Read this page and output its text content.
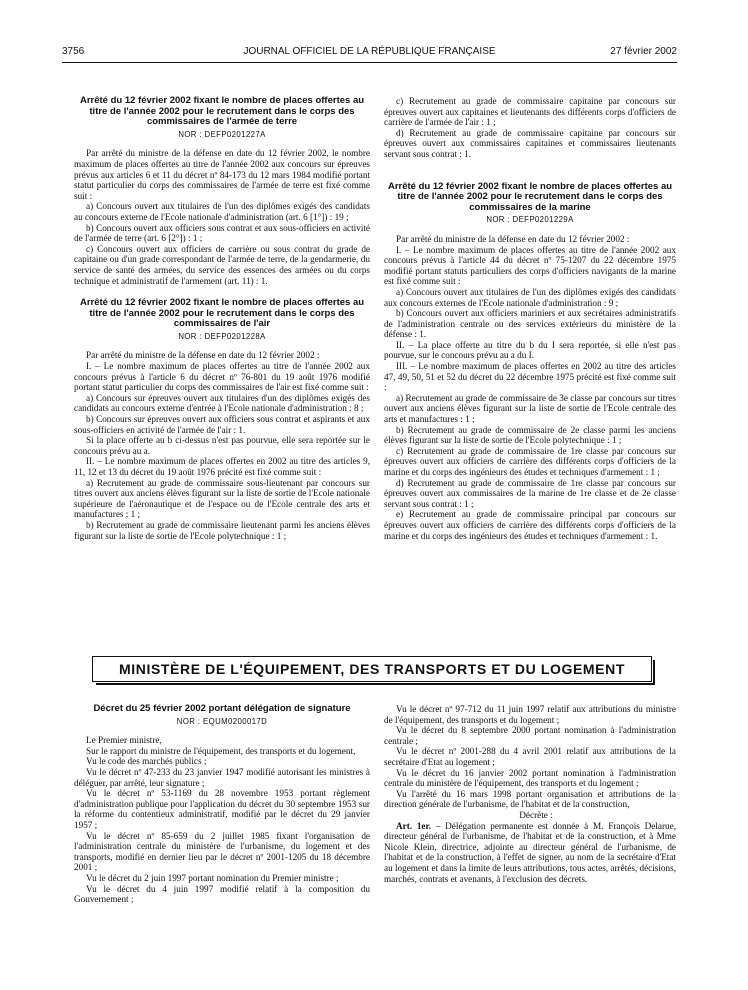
3756	JOURNAL OFFICIEL DE LA RÉPUBLIQUE FRANÇAISE	27 février 2002

Arrêté du 12 février 2002 fixant le nombre de places offertes au titre de l'année 2002 pour le recrutement dans le corps des commissaires de l'armée de terre

NOR : DEFP0201227A

Par arrêté du ministre de la défense en date du 12 février 2002, le nombre maximum de places offertes au titre de l'année 2002 aux concours sur épreuves prévus aux articles 6 et 11 du décret nº 84-173 du 12 mars 1984 modifié portant statut particulier du corps des commissaires de l'armée de terre est fixé comme suit :

a) Concours ouvert aux titulaires de l'un des diplômes exigés des candidats au concours externe de l'Ecole nationale d'administration (art. 6 [1°]) : 19 ;

b) Concours ouvert aux officiers sous contrat et aux sous-officiers en activité de l'armée de terre (art. 6 [2°]) : 1 ;

c) Concours ouvert aux officiers de carrière ou sous contrat du grade de capitaine ou d'un grade correspondant de l'armée de terre, de la gendarmerie, du service de santé des armées, du service des essences des armées ou du corps technique et administratif de l'armement (art. 11) : 1.

Arrêté du 12 février 2002 fixant le nombre de places offertes au titre de l'année 2002 pour le recrutement dans le corps des commissaires de l'air

NOR : DEFP0201228A

Par arrêté du ministre de la défense en date du 12 février 2002 :

I. – Le nombre maximum de places offertes au titre de l'année 2002 aux concours prévus à l'article 6 du décret nº 76-801 du 19 août 1976 modifié portant statut particulier du corps des commissaires de l'air est fixé comme suit :

a) Concours sur épreuves ouvert aux titulaires d'un des diplômes exigés des candidats au concours externe d'entrée à l'Ecole nationale d'administration : 8 ;

b) Concours sur épreuves ouvert aux officiers sous contrat et aspirants et aux sous-officiers en activité de l'armée de l'air : 1.

Si la place offerte au b ci-dessus n'est pas pourvue, elle sera reportée sur le concours prévu au a.

II. – Le nombre maximum de places offertes en 2002 au titre des articles 9, 11, 12 et 13 du décret du 19 août 1976 précité est fixé comme suit :

a) Recrutement au grade de commissaire sous-lieutenant par concours sur titres ouvert aux anciens élèves figurant sur la liste de sortie de l'Ecole nationale supérieure de l'aéronautique et de l'espace ou de l'Ecole centrale des arts et manufactures : 1 ;

b) Recrutement au grade de commissaire lieutenant parmi les anciens élèves figurant sur la liste de sortie de l'Ecole polytechnique : 1 ;

c) Recrutement au grade de commissaire capitaine par concours sur épreuves ouvert aux capitaines et lieutenants des différents corps d'officiers de carrière de l'armée de l'air : 1 ;

d) Recrutement au grade de commissaire capitaine par concours sur épreuves ouvert aux commissaires capitaines et commissaires lieutenants servant sous contrat : 1.

Arrêté du 12 février 2002 fixant le nombre de places offertes au titre de l'année 2002 pour le recrutement dans le corps des commissaires de la marine

NOR : DEFP0201229A

Par arrêté du ministre de la défense en date du 12 février 2002 :

I. – Le nombre maximum de places offertes au titre de l'année 2002 aux concours prévus à l'article 44 du décret nº 75-1207 du 22 décembre 1975 modifié portant statuts particuliers des corps d'officiers navigants de la marine est fixé comme suit :

a) Concours ouvert aux titulaires de l'un des diplômes exigés des candidats aux concours externes de l'Ecole nationale d'administration : 9 ;

b) Concours ouvert aux officiers mariniers et aux secrétaires administratifs de l'administration centrale ou des services extérieurs du ministère de la défense : 1.

II. – La place offerte au titre du b du I sera reportée, si elle n'est pas pourvue, sur le concours prévu au a du I.

III. – Le nombre maximum de places offertes en 2002 au titre des articles 47, 49, 50, 51 et 52 du décret du 22 décembre 1975 précité est fixé comme suit :

a) Recrutement au grade de commissaire de 3e classe par concours sur titres ouvert aux anciens élèves figurant sur la liste de sortie de l'Ecole centrale des arts et manufactures : 1 ;

b) Recrutement au grade de commissaire de 2e classe parmi les anciens élèves figurant sur la liste de sortie de l'Ecole polytechnique : 1 ;

c) Recrutement au grade de commissaire de 1re classe par concours sur épreuves ouvert aux officiers de carrière des différents corps d'officiers de la marine et du corps des ingénieurs des études et techniques d'armement : 1 ;

d) Recrutement au grade de commissaire de 1re classe par concours sur épreuves ouvert aux commissaires de la marine de 1re classe et de 2e classe servant sous contrat : 1 ;

e) Recrutement au grade de commissaire principal par concours sur épreuves ouvert aux officiers de carrière des différents corps d'officiers de la marine et du corps des ingénieurs des études et techniques d'armement : 1.

MINISTÈRE DE L'ÉQUIPEMENT, DES TRANSPORTS ET DU LOGEMENT

Décret du 25 février 2002 portant délégation de signature

NOR : EQUM0200017D

Le Premier ministre,

Sur le rapport du ministre de l'équipement, des transports et du logement,

Vu le code des marchés publics ;

Vu le décret nº 47-233 du 23 janvier 1947 modifié autorisant les ministres à déléguer, par arrêté, leur signature ;

Vu le décret nº 53-1169 du 28 novembre 1953 portant règlement d'administration publique pour l'application du décret du 30 septembre 1953 sur la réforme du contentieux administratif, modifié par le décret du 29 janvier 1957 ;

Vu le décret nº 85-659 du 2 juillet 1985 fixant l'organisation de l'administration centrale du ministère de l'urbanisme, du logement et des transports, modifié en dernier lieu par le décret nº 2001-1205 du 18 décembre 2001 ;

Vu le décret du 2 juin 1997 portant nomination du Premier ministre ;

Vu le décret du 4 juin 1997 modifié relatif à la composition du Gouvernement ;

Vu le décret nº 97-712 du 11 juin 1997 relatif aux attributions du ministre de l'équipement, des transports et du logement ;

Vu le décret du 8 septembre 2000 portant nomination à l'administration centrale ;

Vu le décret nº 2001-288 du 4 avril 2001 relatif aux attributions de la secrétaire d'Etat au logement ;

Vu le décret du 16 janvier 2002 portant nomination à l'administration centrale du ministère de l'équipement, des transports et du logement ;

Vu l'arrêté du 16 mars 1998 portant organisation et attributions de la direction générale de l'urbanisme, de l'habitat et de la construction,

Décrète :

Art. 1er. – Délégation permanente est donnée à M. François Delarue, directeur général de l'urbanisme, de l'habitat et de la construction, et à Mme Nicole Klein, directrice, adjointe au directeur général de l'urbanisme, de l'habitat et de la construction, à l'effet de signer, au nom de la secrétaire d'Etat au logement et dans la limite de leurs attributions, tous actes, arrêtés, décisions, marchés, contrats et avenants, à l'exclusion des décrets.
